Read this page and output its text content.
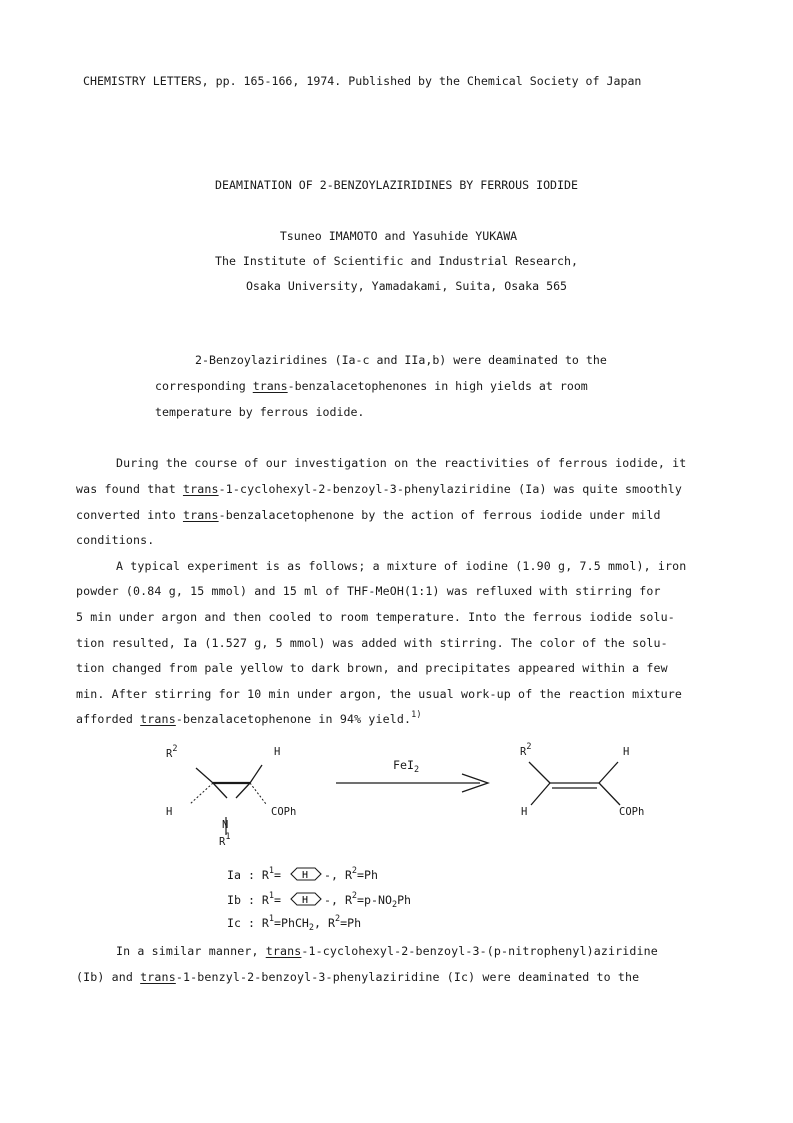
CHEMISTRY LETTERS, pp. 165-166, 1974. Published by the Chemical Society of Japan
DEAMINATION OF 2-BENZOYLAZIRIDINES BY FERROUS IODIDE
Tsuneo IMAMOTO and Yasuhide YUKAWA
The Institute of Scientific and Industrial Research,
Osaka University, Yamadakami, Suita, Osaka 565
2-Benzoylaziridines (Ia-c and IIa,b) were deaminated to the
corresponding trans-benzalacetophenones in high yields at room
temperature by ferrous iodide.
During the course of our investigation on the reactivities of ferrous iodide, it
was found that trans-1-cyclohexyl-2-benzoyl-3-phenylaziridine (Ia) was quite smoothly
converted into trans-benzalacetophenone by the action of ferrous iodide under mild
conditions.
A typical experiment is as follows; a mixture of iodine (1.90 g, 7.5 mmol), iron
powder (0.84 g, 15 mmol) and 15 ml of THF-MeOH(1:1) was refluxed with stirring for
5 min under argon and then cooled to room temperature. Into the ferrous iodide solu-
tion resulted, Ia (1.527 g, 5 mmol) was added with stirring. The color of the solu-
tion changed from pale yellow to dark brown, and precipitates appeared within a few
min. After stirring for 10 min under argon, the usual work-up of the reaction mixture
afforded trans-benzalacetophenone in 94% yield.$^{1)}$
$R^2$	H
H
N
COPh
$R^1$
FeI$_2$
$R^2$	H
H	COPh
Ia : $R^1= H$ -, $R^2=Ph$
Ib : $R^1= H$ -, $R^2=p-NO_2Ph$
Ic : $R^1=PhCH_2$, $R^2=Ph$
In a similar manner, trans-1-cyclohexyl-2-benzoyl-3-(p-nitrophenyl)aziridine
(Ib) and trans-1-benzyl-2-benzoyl-3-phenylaziridine (Ic) were deaminated to the
